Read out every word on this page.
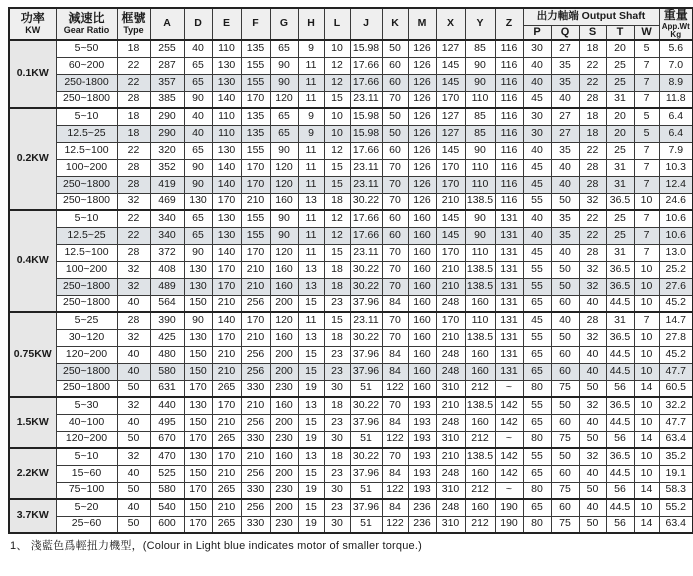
功率
KW

減速比
Gear Ratio

框號
Type
	A	D	E	F	G	H	L	J	K	M	X	Y	Z	出力軸端 Output Shaft	重量
App.Wt
Kg

																P	Q	S	T	W	
0.1KW	5~50	18	255	40	110	135	65	9	10	15.98	50	126	127	85	116	30	27	18	20	5	5.6
	60~200	22	287	65	130	155	90	11	12	17.66	60	126	145	90	116	40	35	22	25	7	7.0
	250-1800	22	357	65	130	155	90	11	12	17.66	60	126	145	90	116	40	35	22	25	7	8.9
	250~1800	28	385	90	140	170	120	11	15	23.11	70	126	170	110	116	45	40	28	31	7	11.8
0.2KW	5~10	18	290	40	110	135	65	9	10	15.98	50	126	127	85	116	30	27	18	20	5	6.4
	12.5~25	18	290	40	110	135	65	9	10	15.98	50	126	127	85	116	30	27	18	20	5	6.4
	12.5~100	22	320	65	130	155	90	11	12	17.66	60	126	145	90	116	40	35	22	25	7	7.9
	100~200	28	352	90	140	170	120	11	15	23.11	70	126	170	110	116	45	40	28	31	7	10.3
	250~1800	28	419	90	140	170	120	11	15	23.11	70	126	170	110	116	45	40	28	31	7	12.4
	250~1800	32	469	130	170	210	160	13	18	30.22	70	126	210	138.5	116	55	50	32	36.5	10	24.6
0.4KW	5~10	22	340	65	130	155	90	11	12	17.66	60	160	145	90	131	40	35	22	25	7	10.6
	12.5~25	22	340	65	130	155	90	11	12	17.66	60	160	145	90	131	40	35	22	25	7	10.6
	12.5~100	28	372	90	140	170	120	11	15	23.11	70	160	170	110	131	45	40	28	31	7	13.0
	100~200	32	408	130	170	210	160	13	18	30.22	70	160	210	138.5	131	55	50	32	36.5	10	25.2
	250~1800	32	489	130	170	210	160	13	18	30.22	70	160	210	138.5	131	55	50	32	36.5	10	27.6
	250~1800	40	564	150	210	256	200	15	23	37.96	84	160	248	160	131	65	60	40	44.5	10	45.2
0.75KW	5~25	28	390	90	140	170	120	11	15	23.11	70	160	170	110	131	45	40	28	31	7	14.7
	30~120	32	425	130	170	210	160	13	18	30.22	70	160	210	138.5	131	55	50	32	36.5	10	27.8
	120~200	40	480	150	210	256	200	15	23	37.96	84	160	248	160	131	65	60	40	44.5	10	45.2
	250~1800	40	580	150	210	256	200	15	23	37.96	84	160	248	160	131	65	60	40	44.5	10	47.7
	250~1800	50	631	170	265	330	230	19	30	51	122	160	310	212	~	80	75	50	56	14	60.5
1.5KW	5~30	32	440	130	170	210	160	13	18	30.22	70	193	210	138.5	142	55	50	32	36.5	10	32.2
	40~100	40	495	150	210	256	200	15	23	37.96	84	193	248	160	142	65	60	40	44.5	10	47.7
	120~200	50	670	170	265	330	230	19	30	51	122	193	310	212	~	80	75	50	56	14	63.4
2.2KW	5~10	32	470	130	170	210	160	13	18	30.22	70	193	210	138.5	142	55	50	32	36.5	10	35.2
	15~60	40	525	150	210	256	200	15	23	37.96	84	193	248	160	142	65	60	40	44.5	10	19.1
	75~100	50	580	170	265	330	230	19	30	51	122	193	310	212	~	80	75	50	56	14	58.3
3.7KW	5~20	40	540	150	210	256	200	15	23	37.96	84	236	248	160	190	65	60	40	44.5	10	55.2
	25~60	50	600	170	265	330	230	19	30	51	122	236	310	212	190	80	75	50	56	14	63.4
1、 淺藍色爲輕扭力機型，(Colour in Light blue indicates motor of smaller torque.)
